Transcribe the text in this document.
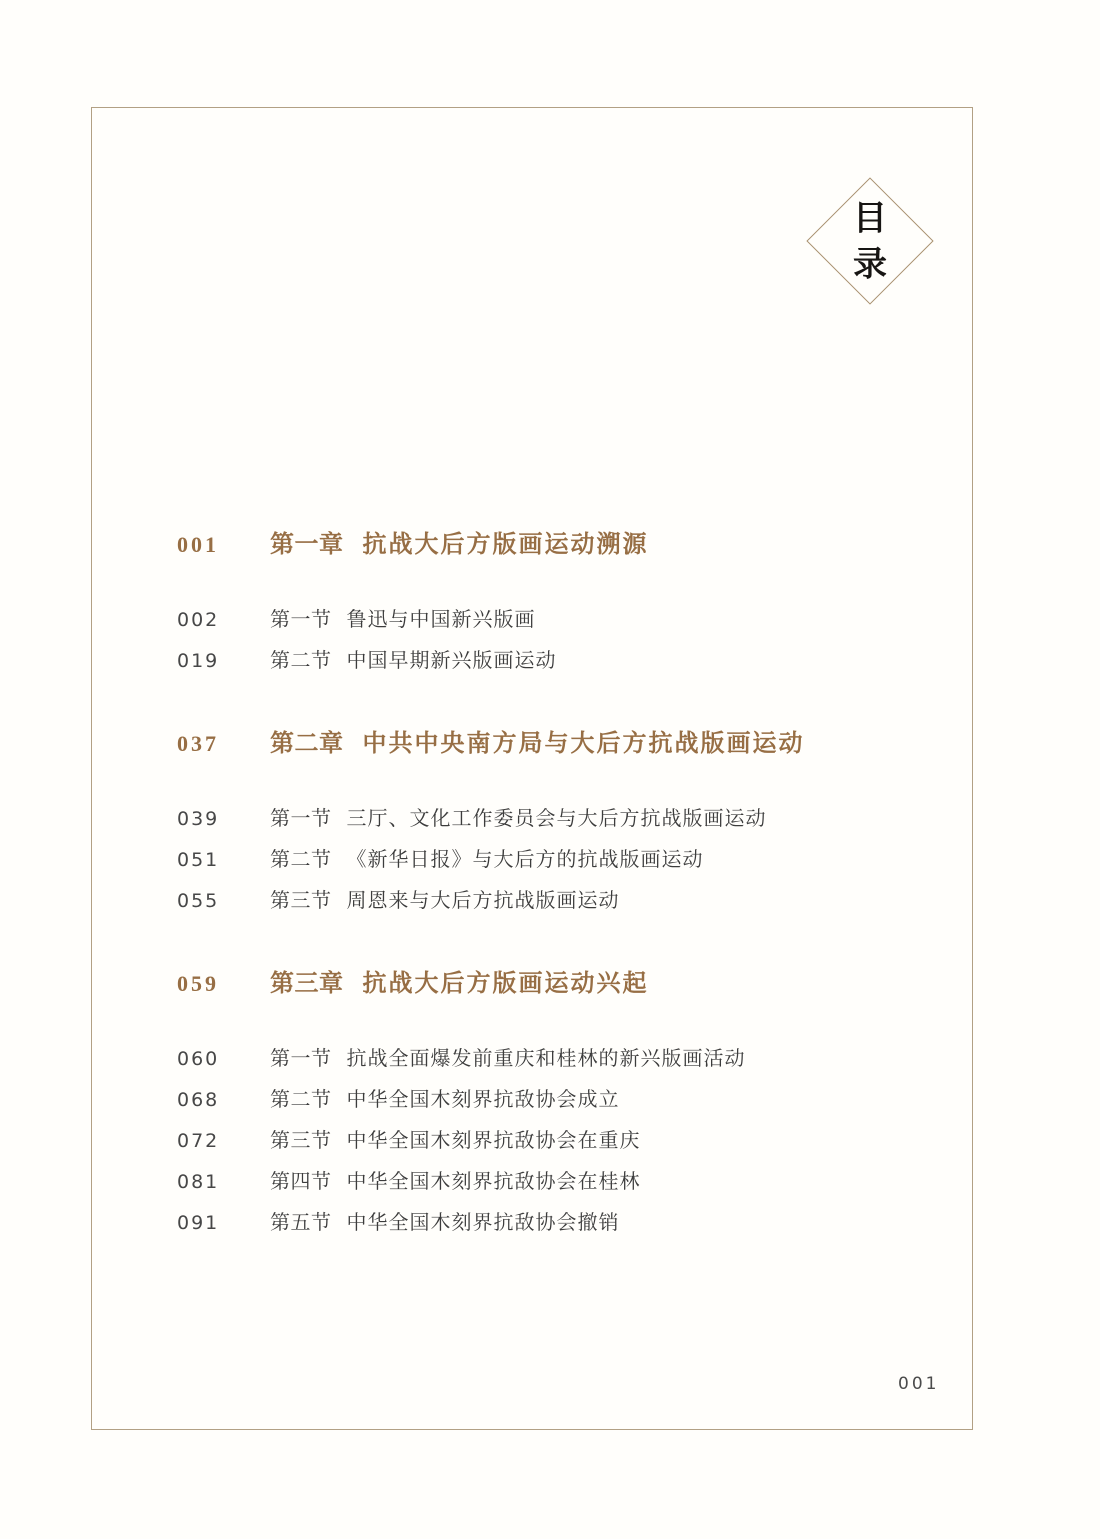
目
录
001	第一章 抗战大后方版画运动溯源
002	第一节 鲁迅与中国新兴版画
019	第二节 中国早期新兴版画运动
037	第二章 中共中央南方局与大后方抗战版画运动
039	第一节 三厅、文化工作委员会与大后方抗战版画运动
051	第二节 《新华日报》与大后方的抗战版画运动
055	第三节 周恩来与大后方抗战版画运动
059	第三章 抗战大后方版画运动兴起
060	第一节 抗战全面爆发前重庆和桂林的新兴版画活动
068	第二节 中华全国木刻界抗敌协会成立
072	第三节 中华全国木刻界抗敌协会在重庆
081	第四节 中华全国木刻界抗敌协会在桂林
091	第五节 中华全国木刻界抗敌协会撤销
001
